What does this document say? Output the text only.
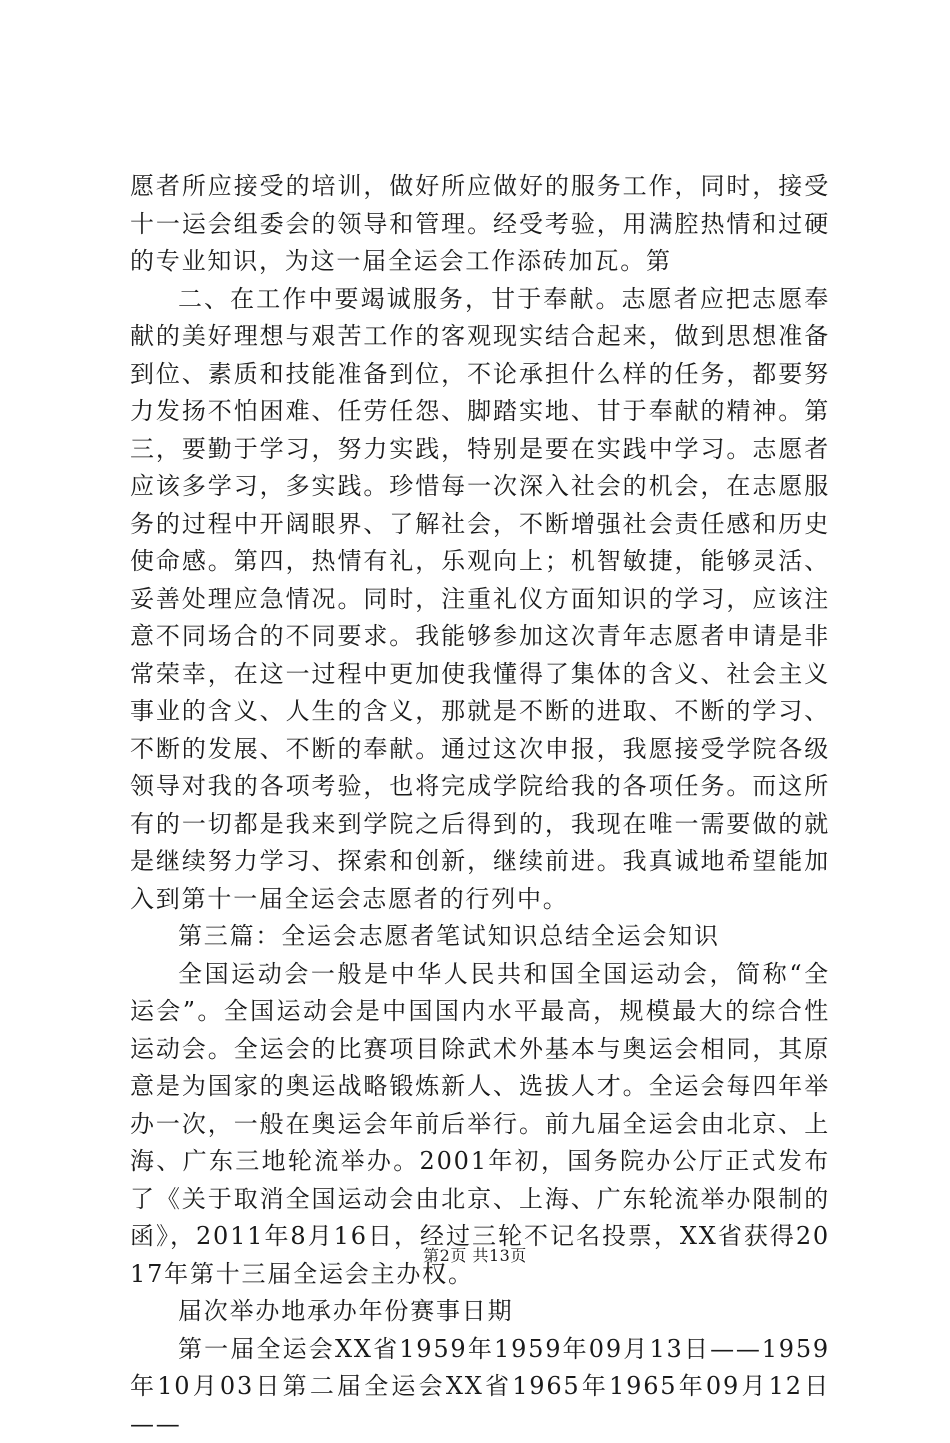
愿者所应接受的培训，做好所应做好的服务工作，同时，接受十一运会组委会的领导和管理。经受考验，用满腔热情和过硬的专业知识，为这一届全运会工作添砖加瓦。第

二、在工作中要竭诚服务，甘于奉献。志愿者应把志愿奉献的美好理想与艰苦工作的客观现实结合起来，做到思想准备到位、素质和技能准备到位，不论承担什么样的任务，都要努力发扬不怕困难、任劳任怨、脚踏实地、甘于奉献的精神。第三，要勤于学习，努力实践，特别是要在实践中学习。志愿者应该多学习，多实践。珍惜每一次深入社会的机会，在志愿服务的过程中开阔眼界、了解社会，不断增强社会责任感和历史使命感。第四，热情有礼，乐观向上；机智敏捷，能够灵活、妥善处理应急情况。同时，注重礼仪方面知识的学习，应该注意不同场合的不同要求。我能够参加这次青年志愿者申请是非常荣幸，在这一过程中更加使我懂得了集体的含义、社会主义事业的含义、人生的含义，那就是不断的进取、不断的学习、不断的发展、不断的奉献。通过这次申报，我愿接受学院各级领导对我的各项考验，也将完成学院给我的各项任务。而这所有的一切都是我来到学院之后得到的，我现在唯一需要做的就是继续努力学习、探索和创新，继续前进。我真诚地希望能加入到第十一届全运会志愿者的行列中。

第三篇：全运会志愿者笔试知识总结全运会知识

全国运动会一般是中华人民共和国全国运动会，简称“全运会”。全国运动会是中国国内水平最高，规模最大的综合性运动会。全运会的比赛项目除武术外基本与奥运会相同，其原意是为国家的奥运战略锻炼新人、选拔人才。全运会每四年举办一次，一般在奥运会年前后举行。前九届全运会由北京、上海、广东三地轮流举办。2001年初，国务院办公厅正式发布了《关于取消全国运动会由北京、上海、广东轮流举办限制的函》，2011年8月16日，经过三轮不记名投票，XX省获得2017年第十三届全运会主办权。

届次举办地承办年份赛事日期

第一届全运会XX省1959年1959年09月13日——1959年10月03日第二届全运会XX省1965年1965年09月12日——

第2页 共13页
